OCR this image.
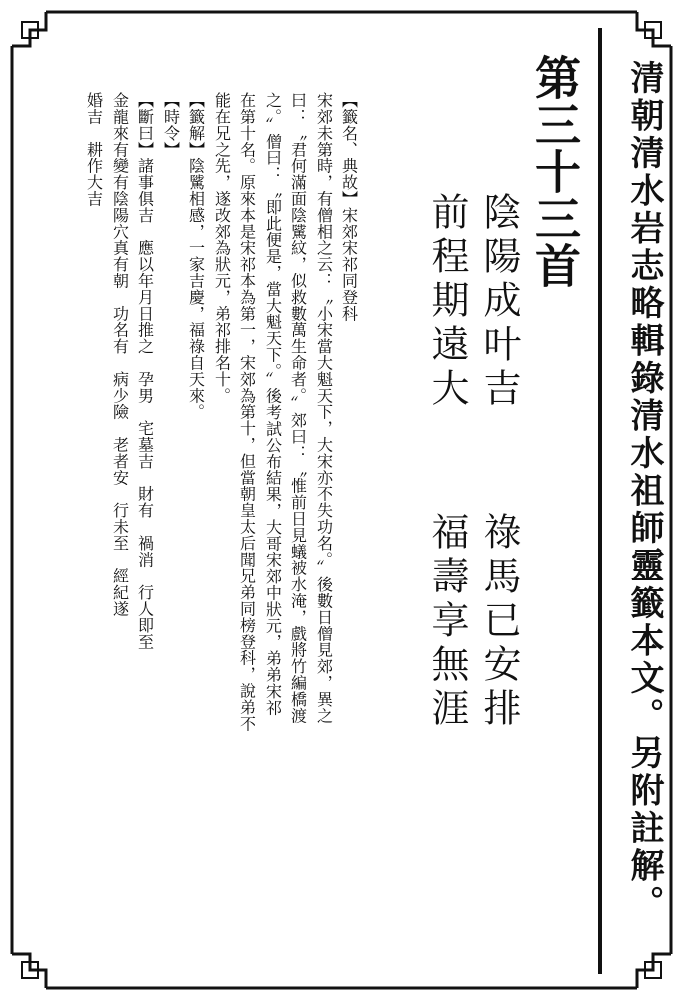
清朝清水岩志略輯錄清水祖師靈籤本文。另附註解。
第三十三首
陰陽成叶吉
前程期遠大
祿馬已安排
福壽享無涯
【籤名、典故】宋郊宋祁同登科
宋郊未第時，有僧相之云：〝小宋當大魁天下，大宋亦不失功名。〞後數日僧見郊，異之
曰：〝君何滿面陰騭紋，似救數萬生命者。〞郊曰：〝惟前日見蟻被水淹，戲將竹編橋渡
之。〞僧曰：〝即此便是，當大魁天下。〞後考試公布結果，大哥宋郊中狀元，弟弟宋祁
在第十名。原來本是宋祁本為第一，宋郊為第十，但當朝皇太后聞兄弟同榜登科，說弟不
能在兄之先，遂改郊為狀元，弟祁排名十。
【籤解】陰騭相感，一家吉慶，福祿自天來。
【時令】
【斷曰】諸事俱吉　應以年月日推之　孕男　宅墓吉　財有　禍消　行人即至
金龍來有變有陰陽穴真有朝　功名有　病少險　老者安　行未至　經紀遂
婚吉　耕作大吉
